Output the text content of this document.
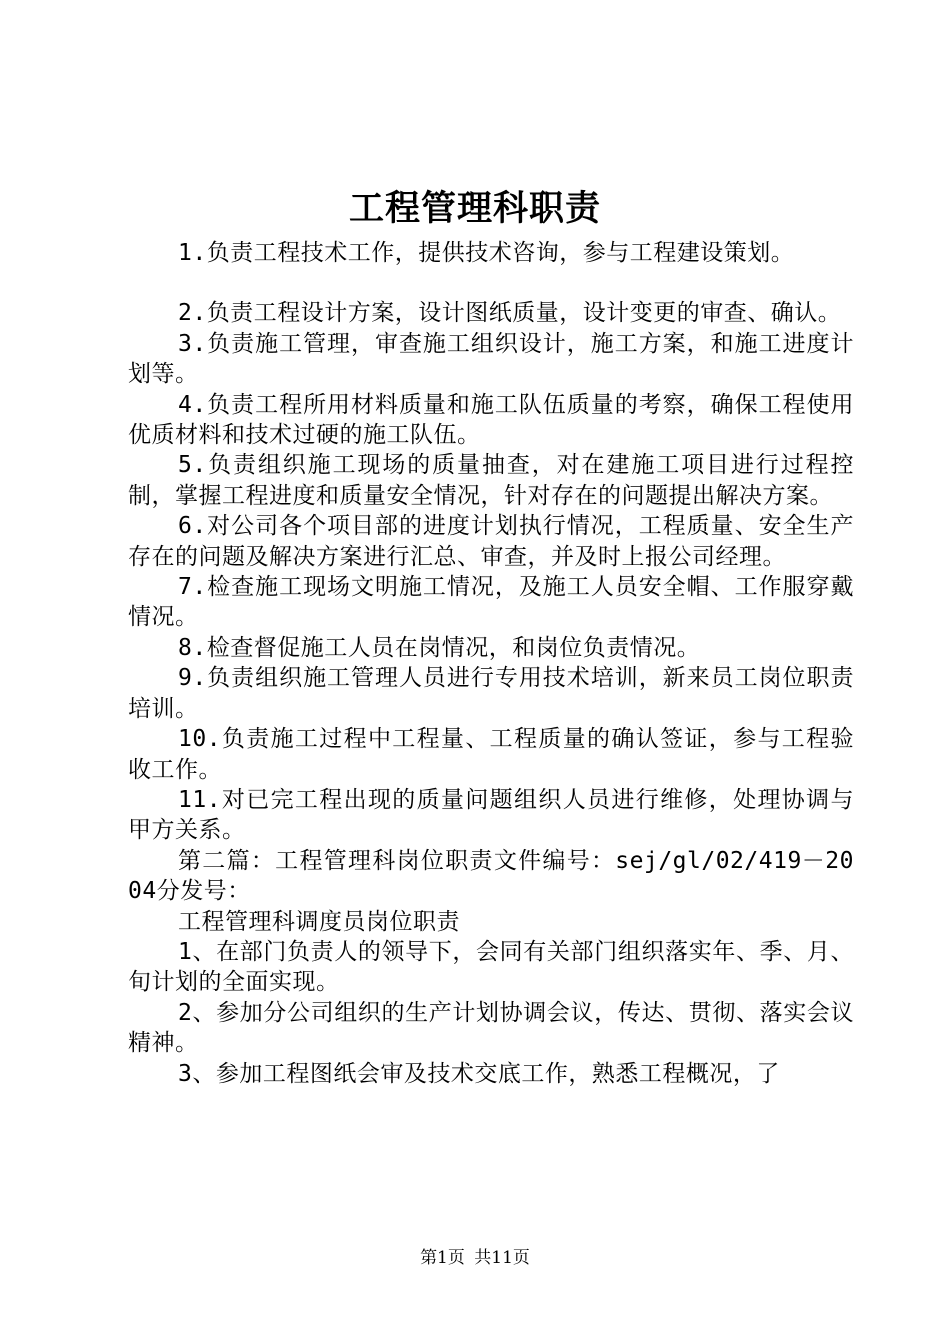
工程管理科职责

1.负责工程技术工作，提供技术咨询，参与工程建设策划。

2.负责工程设计方案，设计图纸质量，设计变更的审查、确认。

3.负责施工管理，审查施工组织设计，施工方案，和施工进度计划等。

4.负责工程所用材料质量和施工队伍质量的考察，确保工程使用优质材料和技术过硬的施工队伍。

5.负责组织施工现场的质量抽查，对在建施工项目进行过程控制，掌握工程进度和质量安全情况，针对存在的问题提出解决方案。

6.对公司各个项目部的进度计划执行情况，工程质量、安全生产存在的问题及解决方案进行汇总、审查，并及时上报公司经理。

7.检查施工现场文明施工情况，及施工人员安全帽、工作服穿戴情况。

8.检查督促施工人员在岗情况，和岗位负责情况。

9.负责组织施工管理人员进行专用技术培训，新来员工岗位职责培训。

10.负责施工过程中工程量、工程质量的确认签证，参与工程验收工作。

11.对已完工程出现的质量问题组织人员进行维修，处理协调与甲方关系。

第二篇：工程管理科岗位职责文件编号：sej/gl/02/419－2004分发号：

工程管理科调度员岗位职责

1、在部门负责人的领导下，会同有关部门组织落实年、季、月、旬计划的全面实现。

2、参加分公司组织的生产计划协调会议，传达、贯彻、落实会议精神。

3、参加工程图纸会审及技术交底工作，熟悉工程概况，了

第1页 共11页
